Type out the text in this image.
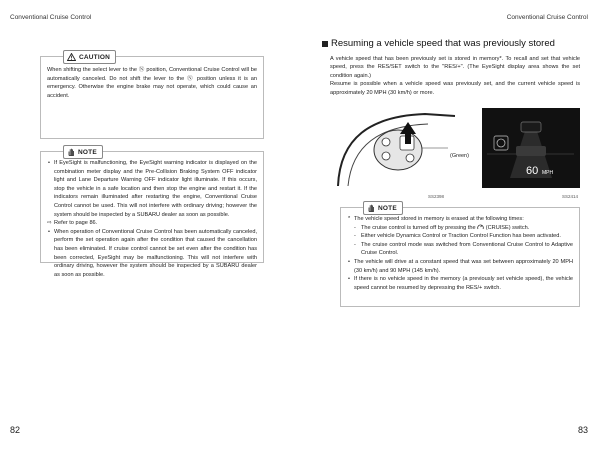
Conventional Cruise Control
CAUTION
When shifting the select lever to the Ⓝ position, Conventional Cruise Control will be automatically canceled. Do not shift the lever to the Ⓝ position unless it is an emergency. Otherwise the engine brake may not operate, which could cause an accident.
NOTE
• If EyeSight is malfunctioning, the EyeSight warning indicator is displayed on the combination meter display and the Pre-Collision Braking System OFF indicator light and Lane Departure Warning OFF indicator light illuminate. If this occurs, stop the vehicle in a safe location and then stop the engine and restart it. If the indicators remain illuminated after restarting the engine, Conventional Cruise Control cannot be used. This will not interfere with ordinary driving; however the system should be inspected by a SUBARU dealer as soon as possible.
⇨ Refer to page 86.
• When operation of Conventional Cruise Control has been automatically canceled, perform the set operation again after the condition that caused the cancellation has been eliminated. If cruise control cannot be set even after the condition has been corrected, EyeSight may be malfunctioning. This will not interfere with ordinary driving, however the system should be inspected by a SUBARU dealer as soon as possible.
82
Conventional Cruise Control
Resuming a vehicle speed that was previously stored

A vehicle speed that has been previously set is stored in memory*. To recall and set that vehicle speed, press the RES/SET switch to the "RES/+". (The EyeSight display area shows the set condition again.)

Resume is possible when a vehicle speed was previously set, and the current vehicle speed is approximately 20 MPH (30 km/h) or more.

(Green)
60 MPH
SS2398	SS2414
NOTE
* The vehicle speed stored in memory is erased at the following times:
- The cruise control is turned off by pressing the (CRUISE) switch.
- Either vehicle Dynamics Control or Traction Control Function has been activated.
- The cruise control mode was switched from Conventional Cruise Control to Adaptive Cruise Control.
• The vehicle will drive at a constant speed that was set between approximately 20 MPH (30 km/h) and 90 MPH (145 km/h).
• If there is no vehicle speed in the memory (a previously set vehicle speed), the vehicle speed cannot be resumed by depressing the RES/+ switch.
83
